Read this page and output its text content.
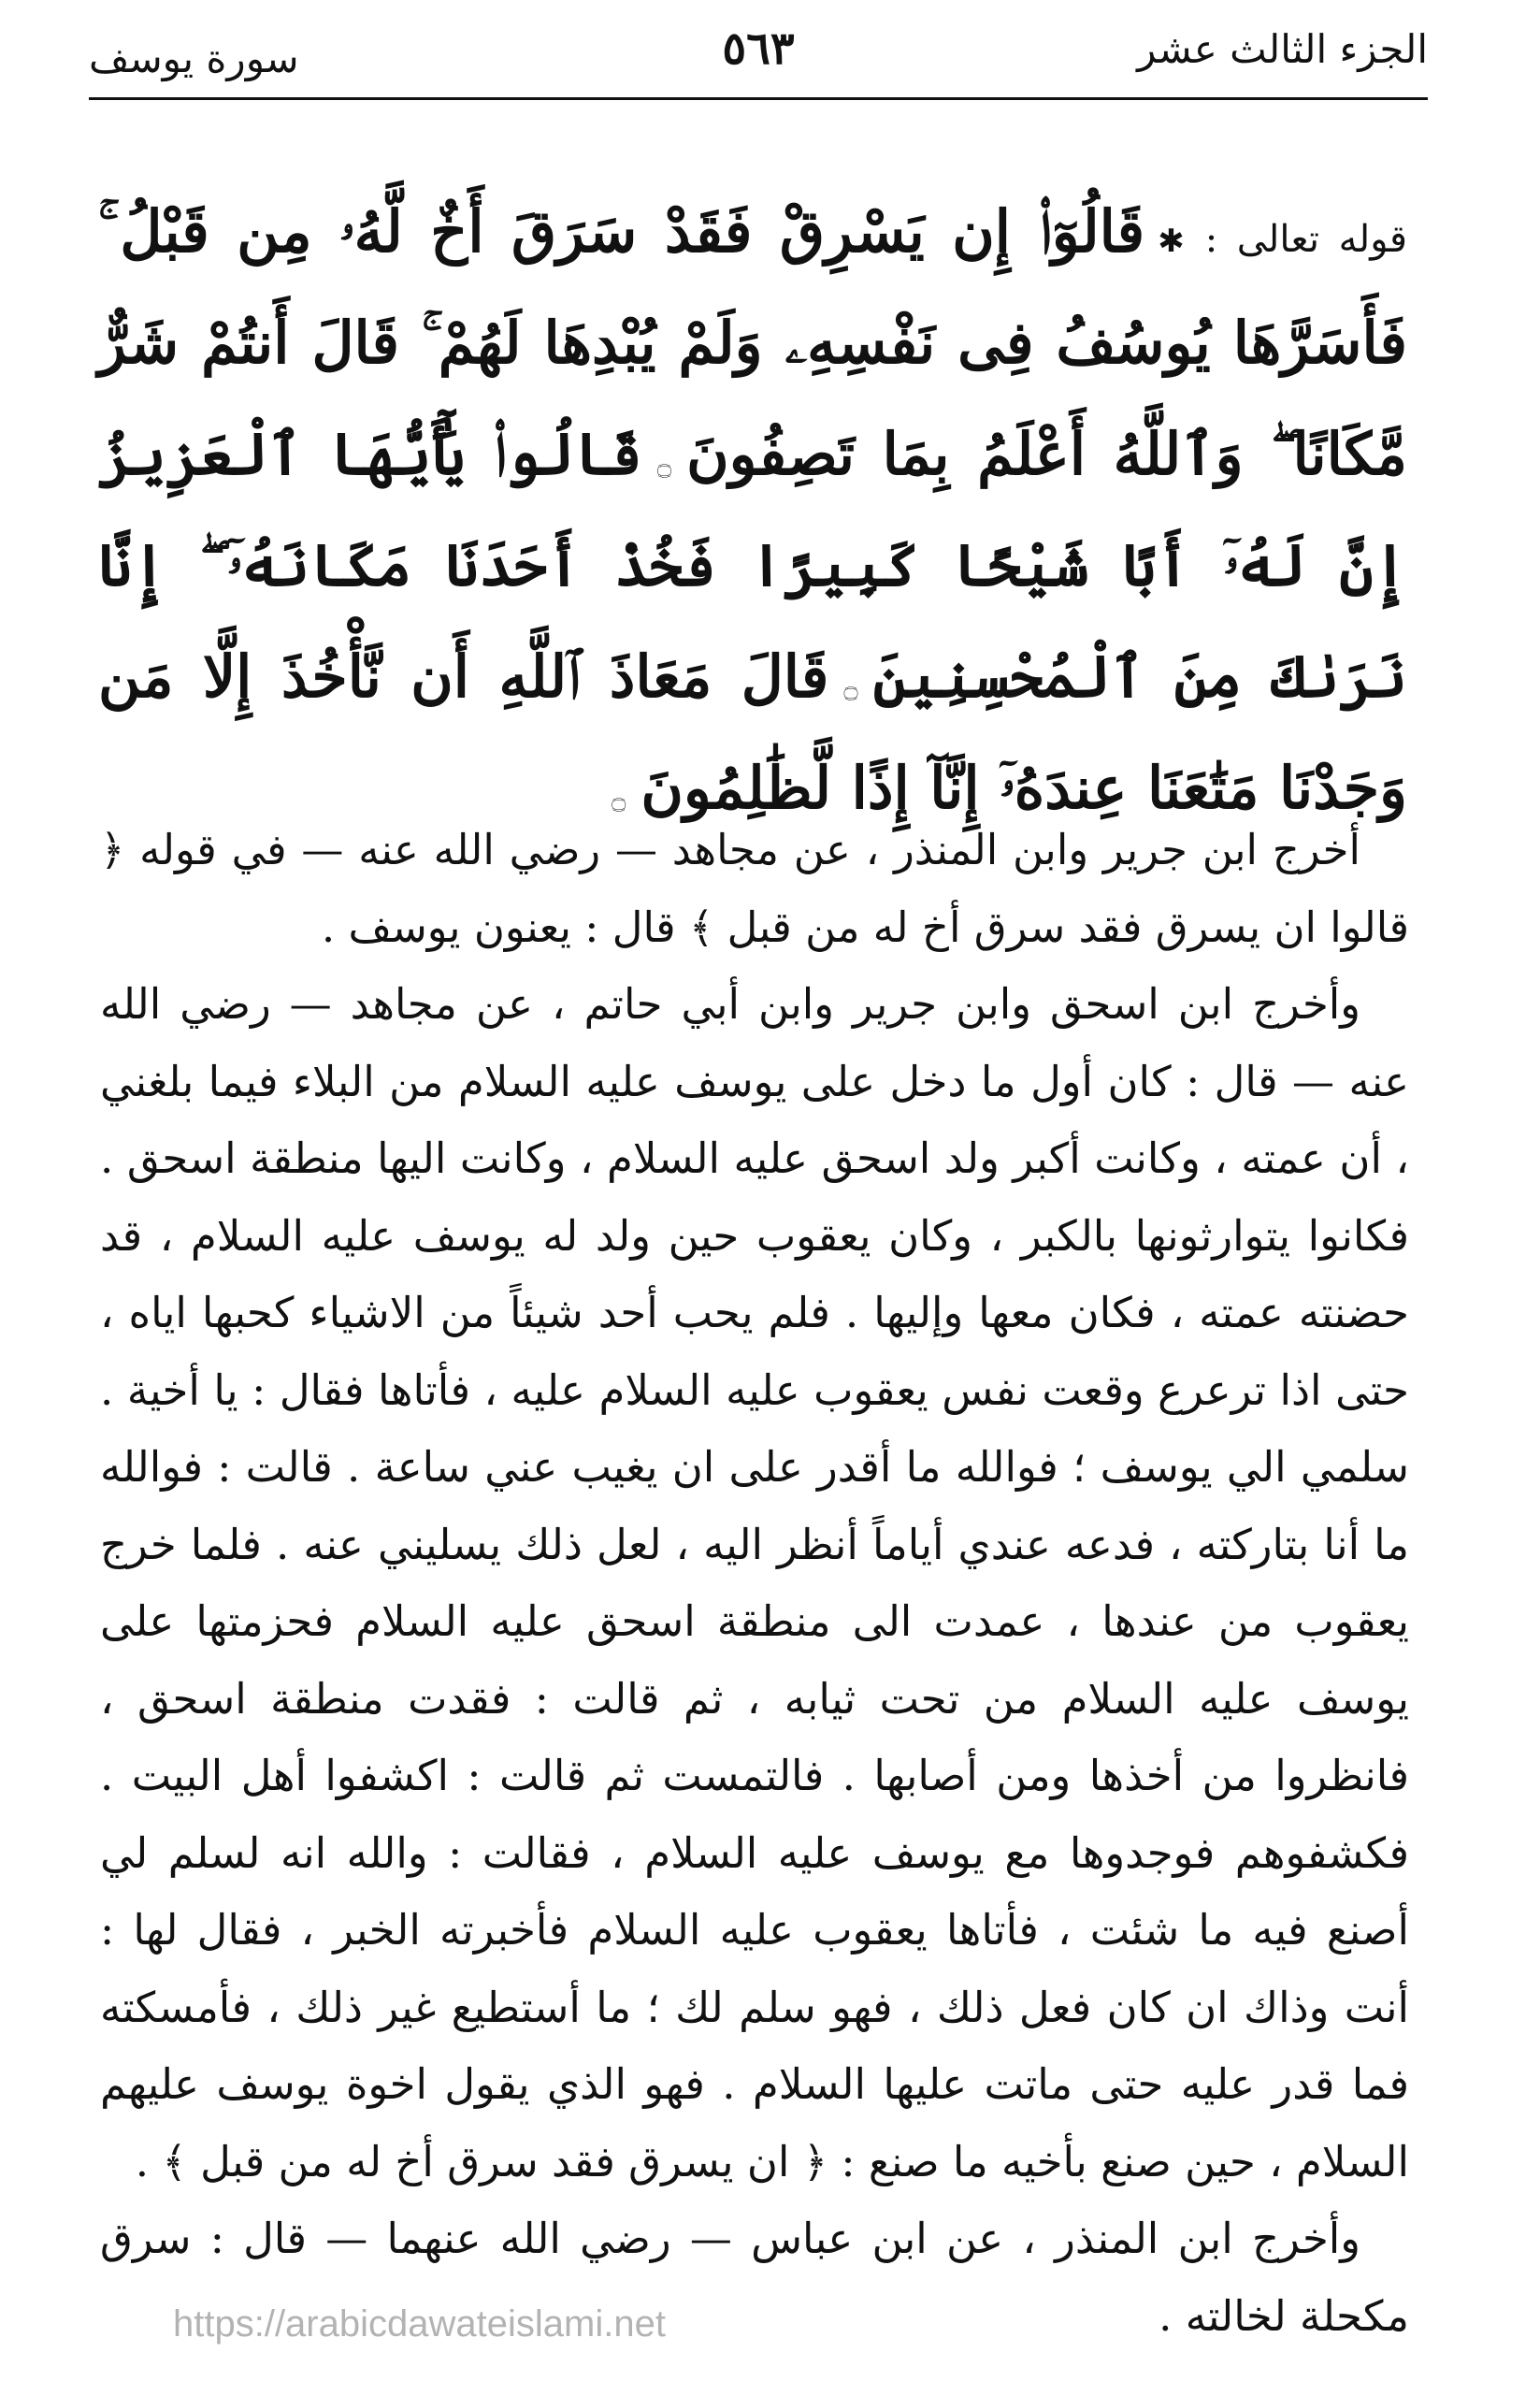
الجزء الثالث عشر
٥٦٣
سورة يوسف
قوله تعالى :✱قَالُوٓا۟ إِن يَسْرِقْ فَقَدْ سَرَقَ أَخٌ لَّهُۥ مِن قَبْلُ ۚ فَأَسَرَّهَا يُوسُفُ فِى نَفْسِهِۦ وَلَمْ يُبْدِهَا لَهُمْ ۚ قَالَ أَنتُمْ شَرٌّ مَّكَانًا ۖ وَٱللَّهُ أَعْلَمُ بِمَا تَصِفُونَ۝قَالُوا۟ يَٰٓأَيُّهَا ٱلْعَزِيزُ إِنَّ لَهُۥٓ أَبًا شَيْخًا كَبِيرًا فَخُذْ أَحَدَنَا مَكَانَهُۥٓ ۖ إِنَّا نَرَىٰكَ مِنَ ٱلْمُحْسِنِينَ۝قَالَ مَعَاذَ ٱللَّهِ أَن نَّأْخُذَ إِلَّا مَن وَجَدْنَا مَتَٰعَنَا عِندَهُۥٓ إِنَّآ إِذًا لَّظَٰلِمُونَ۝

أخرج ابن جرير وابن المنذر ، عن مجاهد — رضي الله عنه — في قوله ﴿ قالوا ان يسرق فقد سرق أخ له من قبل ﴾ قال : يعنون يوسف .

وأخرج ابن اسحق وابن جرير وابن أبي حاتم ، عن مجاهد — رضي الله عنه — قال : كان أول ما دخل على يوسف عليه السلام من البلاء فيما بلغني ، أن عمته ، وكانت أكبر ولد اسحق عليه السلام ، وكانت اليها منطقة اسحق . فكانوا يتوارثونها بالكبر ، وكان يعقوب حين ولد له يوسف عليه السلام ، قد حضنته عمته ، فكان معها وإليها . فلم يحب أحد شيئاً من الاشياء كحبها اياه ، حتى اذا ترعرع وقعت نفس يعقوب عليه السلام عليه ، فأتاها فقال : يا أخية . سلمي الي يوسف ؛ فوالله ما أقدر على ان يغيب عني ساعة . قالت : فوالله ما أنا بتاركته ، فدعه عندي أياماً أنظر اليه ، لعل ذلك يسليني عنه . فلما خرج يعقوب من عندها ، عمدت الى منطقة اسحق عليه السلام فحزمتها على يوسف عليه السلام من تحت ثيابه ، ثم قالت : فقدت منطقة اسحق ، فانظروا من أخذها ومن أصابها . فالتمست ثم قالت : اكشفوا أهل البيت . فكشفوهم فوجدوها مع يوسف عليه السلام ، فقالت : والله انه لسلم لي أصنع فيه ما شئت ، فأتاها يعقوب عليه السلام فأخبرته الخبر ، فقال لها : أنت وذاك ان كان فعل ذلك ، فهو سلم لك ؛ ما أستطيع غير ذلك ، فأمسكته فما قدر عليه حتى ماتت عليها السلام . فهو الذي يقول اخوة يوسف عليهم السلام ، حين صنع بأخيه ما صنع : ﴿ ان يسرق فقد سرق أخ له من قبل ﴾ .

وأخرج ابن المنذر ، عن ابن عباس — رضي الله عنهما — قال : سرق مكحلة لخالته .

https://arabicdawateislami.net
